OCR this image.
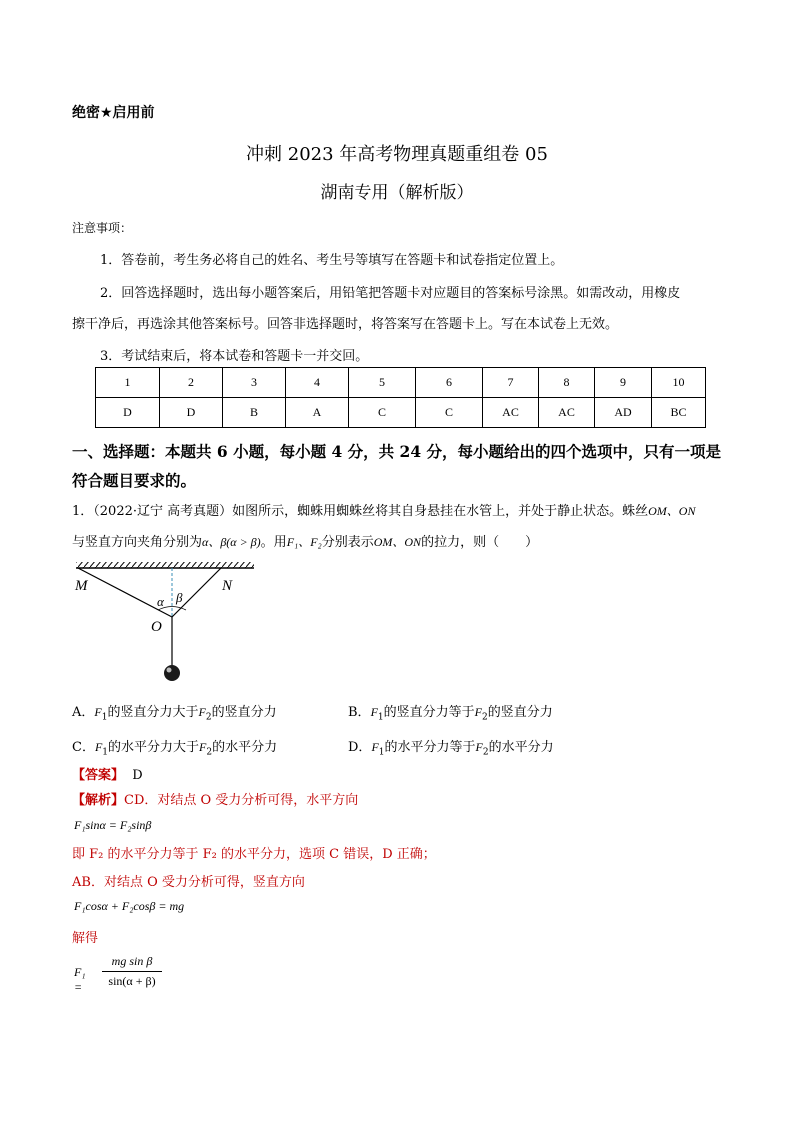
绝密★启用前
冲刺 2023 年高考物理真题重组卷 05
湖南专用（解析版）
注意事项：
1．答卷前，考生务必将自己的姓名、考生号等填写在答题卡和试卷指定位置上。
2．回答选择题时，选出每小题答案后，用铅笔把答题卡对应题目的答案标号涂黑。如需改动，用橡皮
擦干净后，再选涂其他答案标号。回答非选择题时，将答案写在答题卡上。写在本试卷上无效。
3．考试结束后，将本试卷和答题卡一并交回。
1	2	3	4	5	6	7	8	9	10
D	D	B	A	C	C	AC	AC	AD	BC
一、选择题：本题共 6 小题，每小题 4 分，共 24 分，每小题给出的四个选项中，只有一项是
符合题目要求的。
1．（2022·辽宁 高考真题）如图所示，蜘蛛用蜘蛛丝将其自身悬挂在水管上，并处于静止状态。蛛丝OM、ON
与竖直方向夹角分别为α、β(α > β)。用F₁、F₂分别表示OM、ON的拉力，则（　　）
M	N
O
α β
A．$F_1$的竖直分力大于$F_2$的竖直分力	B．$F_1$的竖直分力等于$F_2$的竖直分力
C．$F_1$的水平分力大于$F_2$的水平分力	D．$F_1$的水平分力等于$F_2$的水平分力
【答案】 D
【解析】CD．对结点 O 受力分析可得，水平方向
F₁sinα = F₂sinβ
即 F₂ 的水平分力等于 F₂ 的水平分力，选项 C 错误，D 正确；
AB．对结点 O 受力分析可得，竖直方向
F₁cosα + F₂cosβ = mg
解得
F₁ =
mg sin β
sin(α + β)
